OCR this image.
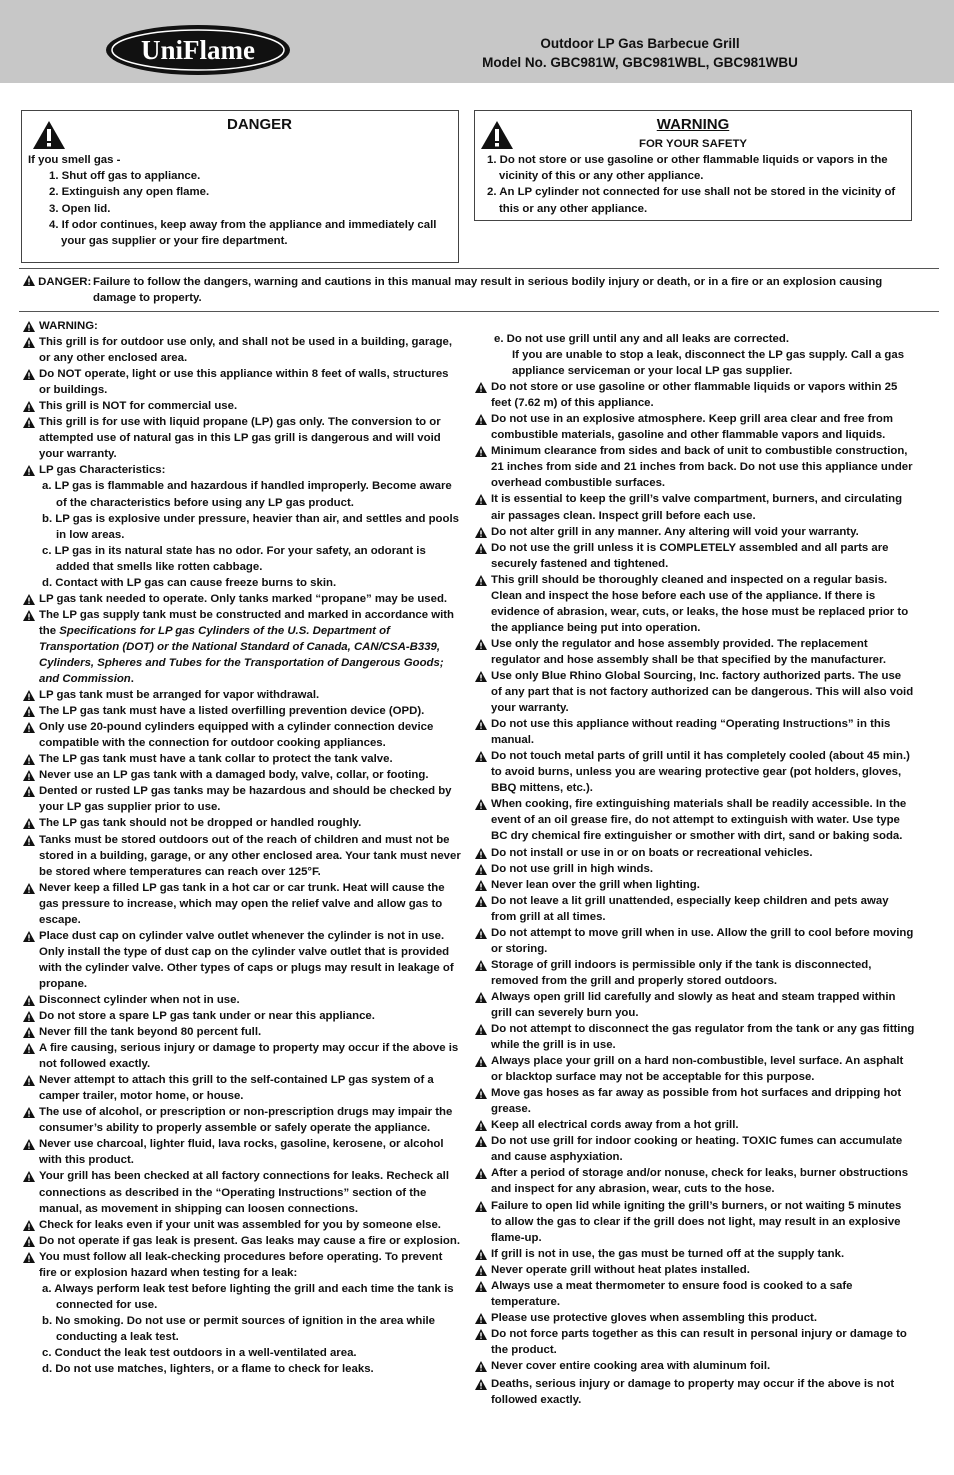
UniFlame	Outdoor LP Gas Barbecue Grill
Model No. GBC981W, GBC981WBL, GBC981WBU
DANGER
If you smell gas -
1. Shut off gas to appliance.
2. Extinguish any open flame.
3. Open lid.
4. If odor continues, keep away from the appliance and immediately call your gas supplier or your fire department.
WARNING
FOR YOUR SAFETY
1. Do not store or use gasoline or other flammable liquids or vapors in the vicinity of this or any other appliance.
2. An LP cylinder not connected for use shall not be stored in the vicinity of this or any other appliance.
DANGER: Failure to follow the dangers, warning and cautions in this manual may result in serious bodily injury or death, or in a fire or an explosion causing damage to property.
WARNING:
This grill is for outdoor use only, and shall not be used in a building, garage, or any other enclosed area.
Do NOT operate, light or use this appliance within 8 feet of walls, structures or buildings.
This grill is NOT for commercial use.
This grill is for use with liquid propane (LP) gas only. The conversion to or attempted use of natural gas in this LP gas grill is dangerous and will void your warranty.
LP gas Characteristics:
a. LP gas is flammable and hazardous if handled improperly. Become aware of the characteristics before using any LP gas product.
b. LP gas is explosive under pressure, heavier than air, and settles and pools in low areas.
c. LP gas in its natural state has no odor. For your safety, an odorant is added that smells like rotten cabbage.
d. Contact with LP gas can cause freeze burns to skin.
LP gas tank needed to operate. Only tanks marked “propane” may be used.
The LP gas supply tank must be constructed and marked in accordance with the Specifications for LP gas Cylinders of the U.S. Department of Transportation (DOT) or the National Standard of Canada, CAN/CSA-B339, Cylinders, Spheres and Tubes for the Transportation of Dangerous Goods; and Commission.
LP gas tank must be arranged for vapor withdrawal.
The LP gas tank must have a listed overfilling prevention device (OPD).
Only use 20-pound cylinders equipped with a cylinder connection device compatible with the connection for outdoor cooking appliances.
The LP gas tank must have a tank collar to protect the tank valve.
Never use an LP gas tank with a damaged body, valve, collar, or footing.
Dented or rusted LP gas tanks may be hazardous and should be checked by your LP gas supplier prior to use.
The LP gas tank should not be dropped or handled roughly.
Tanks must be stored outdoors out of the reach of children and must not be stored in a building, garage, or any other enclosed area. Your tank must never be stored where temperatures can reach over 125°F.
Never keep a filled LP gas tank in a hot car or car trunk. Heat will cause the gas pressure to increase, which may open the relief valve and allow gas to escape.
Place dust cap on cylinder valve outlet whenever the cylinder is not in use. Only install the type of dust cap on the cylinder valve outlet that is provided with the cylinder valve. Other types of caps or plugs may result in leakage of propane.
Disconnect cylinder when not in use.
Do not store a spare LP gas tank under or near this appliance.
Never fill the tank beyond 80 percent full.
A fire causing, serious injury or damage to property may occur if the above is not followed exactly.
Never attempt to attach this grill to the self-contained LP gas system of a camper trailer, motor home, or house.
The use of alcohol, or prescription or non-prescription drugs may impair the consumer’s ability to properly assemble or safely operate the appliance.
Never use charcoal, lighter fluid, lava rocks, gasoline, kerosene, or alcohol with this product.
Your grill has been checked at all factory connections for leaks. Recheck all connections as described in the “Operating Instructions” section of the manual, as movement in shipping can loosen connections.
Check for leaks even if your unit was assembled for you by someone else.
Do not operate if gas leak is present. Gas leaks may cause a fire or explosion.
You must follow all leak-checking procedures before operating. To prevent fire or explosion hazard when testing for a leak:
a. Always perform leak test before lighting the grill and each time the tank is connected for use.
b. No smoking. Do not use or permit sources of ignition in the area while conducting a leak test.
c. Conduct the leak test outdoors in a well-ventilated area.
d. Do not use matches, lighters, or a flame to check for leaks.
e. Do not use grill until any and all leaks are corrected.
If you are unable to stop a leak, disconnect the LP gas supply. Call a gas appliance serviceman or your local LP gas supplier.
Do not store or use gasoline or other flammable liquids or vapors within 25 feet (7.62 m) of this appliance.
Do not use in an explosive atmosphere. Keep grill area clear and free from combustible materials, gasoline and other flammable vapors and liquids.
Minimum clearance from sides and back of unit to combustible construction, 21 inches from side and 21 inches from back. Do not use this appliance under overhead combustible surfaces.
It is essential to keep the grill’s valve compartment, burners, and circulating air passages clean. Inspect grill before each use.
Do not alter grill in any manner. Any altering will void your warranty.
Do not use the grill unless it is COMPLETELY assembled and all parts are securely fastened and tightened.
This grill should be thoroughly cleaned and inspected on a regular basis. Clean and inspect the hose before each use of the appliance. If there is evidence of abrasion, wear, cuts, or leaks, the hose must be replaced prior to the appliance being put into operation.
Use only the regulator and hose assembly provided. The replacement regulator and hose assembly shall be that specified by the manufacturer.
Use only Blue Rhino Global Sourcing, Inc. factory authorized parts. The use of any part that is not factory authorized can be dangerous. This will also void your warranty.
Do not use this appliance without reading “Operating Instructions” in this manual.
Do not touch metal parts of grill until it has completely cooled (about 45 min.) to avoid burns, unless you are wearing protective gear (pot holders, gloves, BBQ mittens, etc.).
When cooking, fire extinguishing materials shall be readily accessible. In the event of an oil grease fire, do not attempt to extinguish with water. Use type BC dry chemical fire extinguisher or smother with dirt, sand or baking soda.
Do not install or use in or on boats or recreational vehicles.
Do not use grill in high winds.
Never lean over the grill when lighting.
Do not leave a lit grill unattended, especially keep children and pets away from grill at all times.
Do not attempt to move grill when in use. Allow the grill to cool before moving or storing.
Storage of grill indoors is permissible only if the tank is disconnected, removed from the grill and properly stored outdoors.
Always open grill lid carefully and slowly as heat and steam trapped within grill can severely burn you.
Do not attempt to disconnect the gas regulator from the tank or any gas fitting while the grill is in use.
Always place your grill on a hard non-combustible, level surface. An asphalt or blacktop surface may not be acceptable for this purpose.
Move gas hoses as far away as possible from hot surfaces and dripping hot grease.
Keep all electrical cords away from a hot grill.
Do not use grill for indoor cooking or heating. TOXIC fumes can accumulate and cause asphyxiation.
After a period of storage and/or nonuse, check for leaks, burner obstructions and inspect for any abrasion, wear, cuts to the hose.
Failure to open lid while igniting the grill’s burners, or not waiting 5 minutes to allow the gas to clear if the grill does not light, may result in an explosive flame-up.
If grill is not in use, the gas must be turned off at the supply tank.
Never operate grill without heat plates installed.
Always use a meat thermometer to ensure food is cooked to a safe temperature.
Please use protective gloves when assembling this product.
Do not force parts together as this can result in personal injury or damage to the product.
Never cover entire cooking area with aluminum foil.
Deaths, serious injury or damage to property may occur if the above is not followed exactly.
